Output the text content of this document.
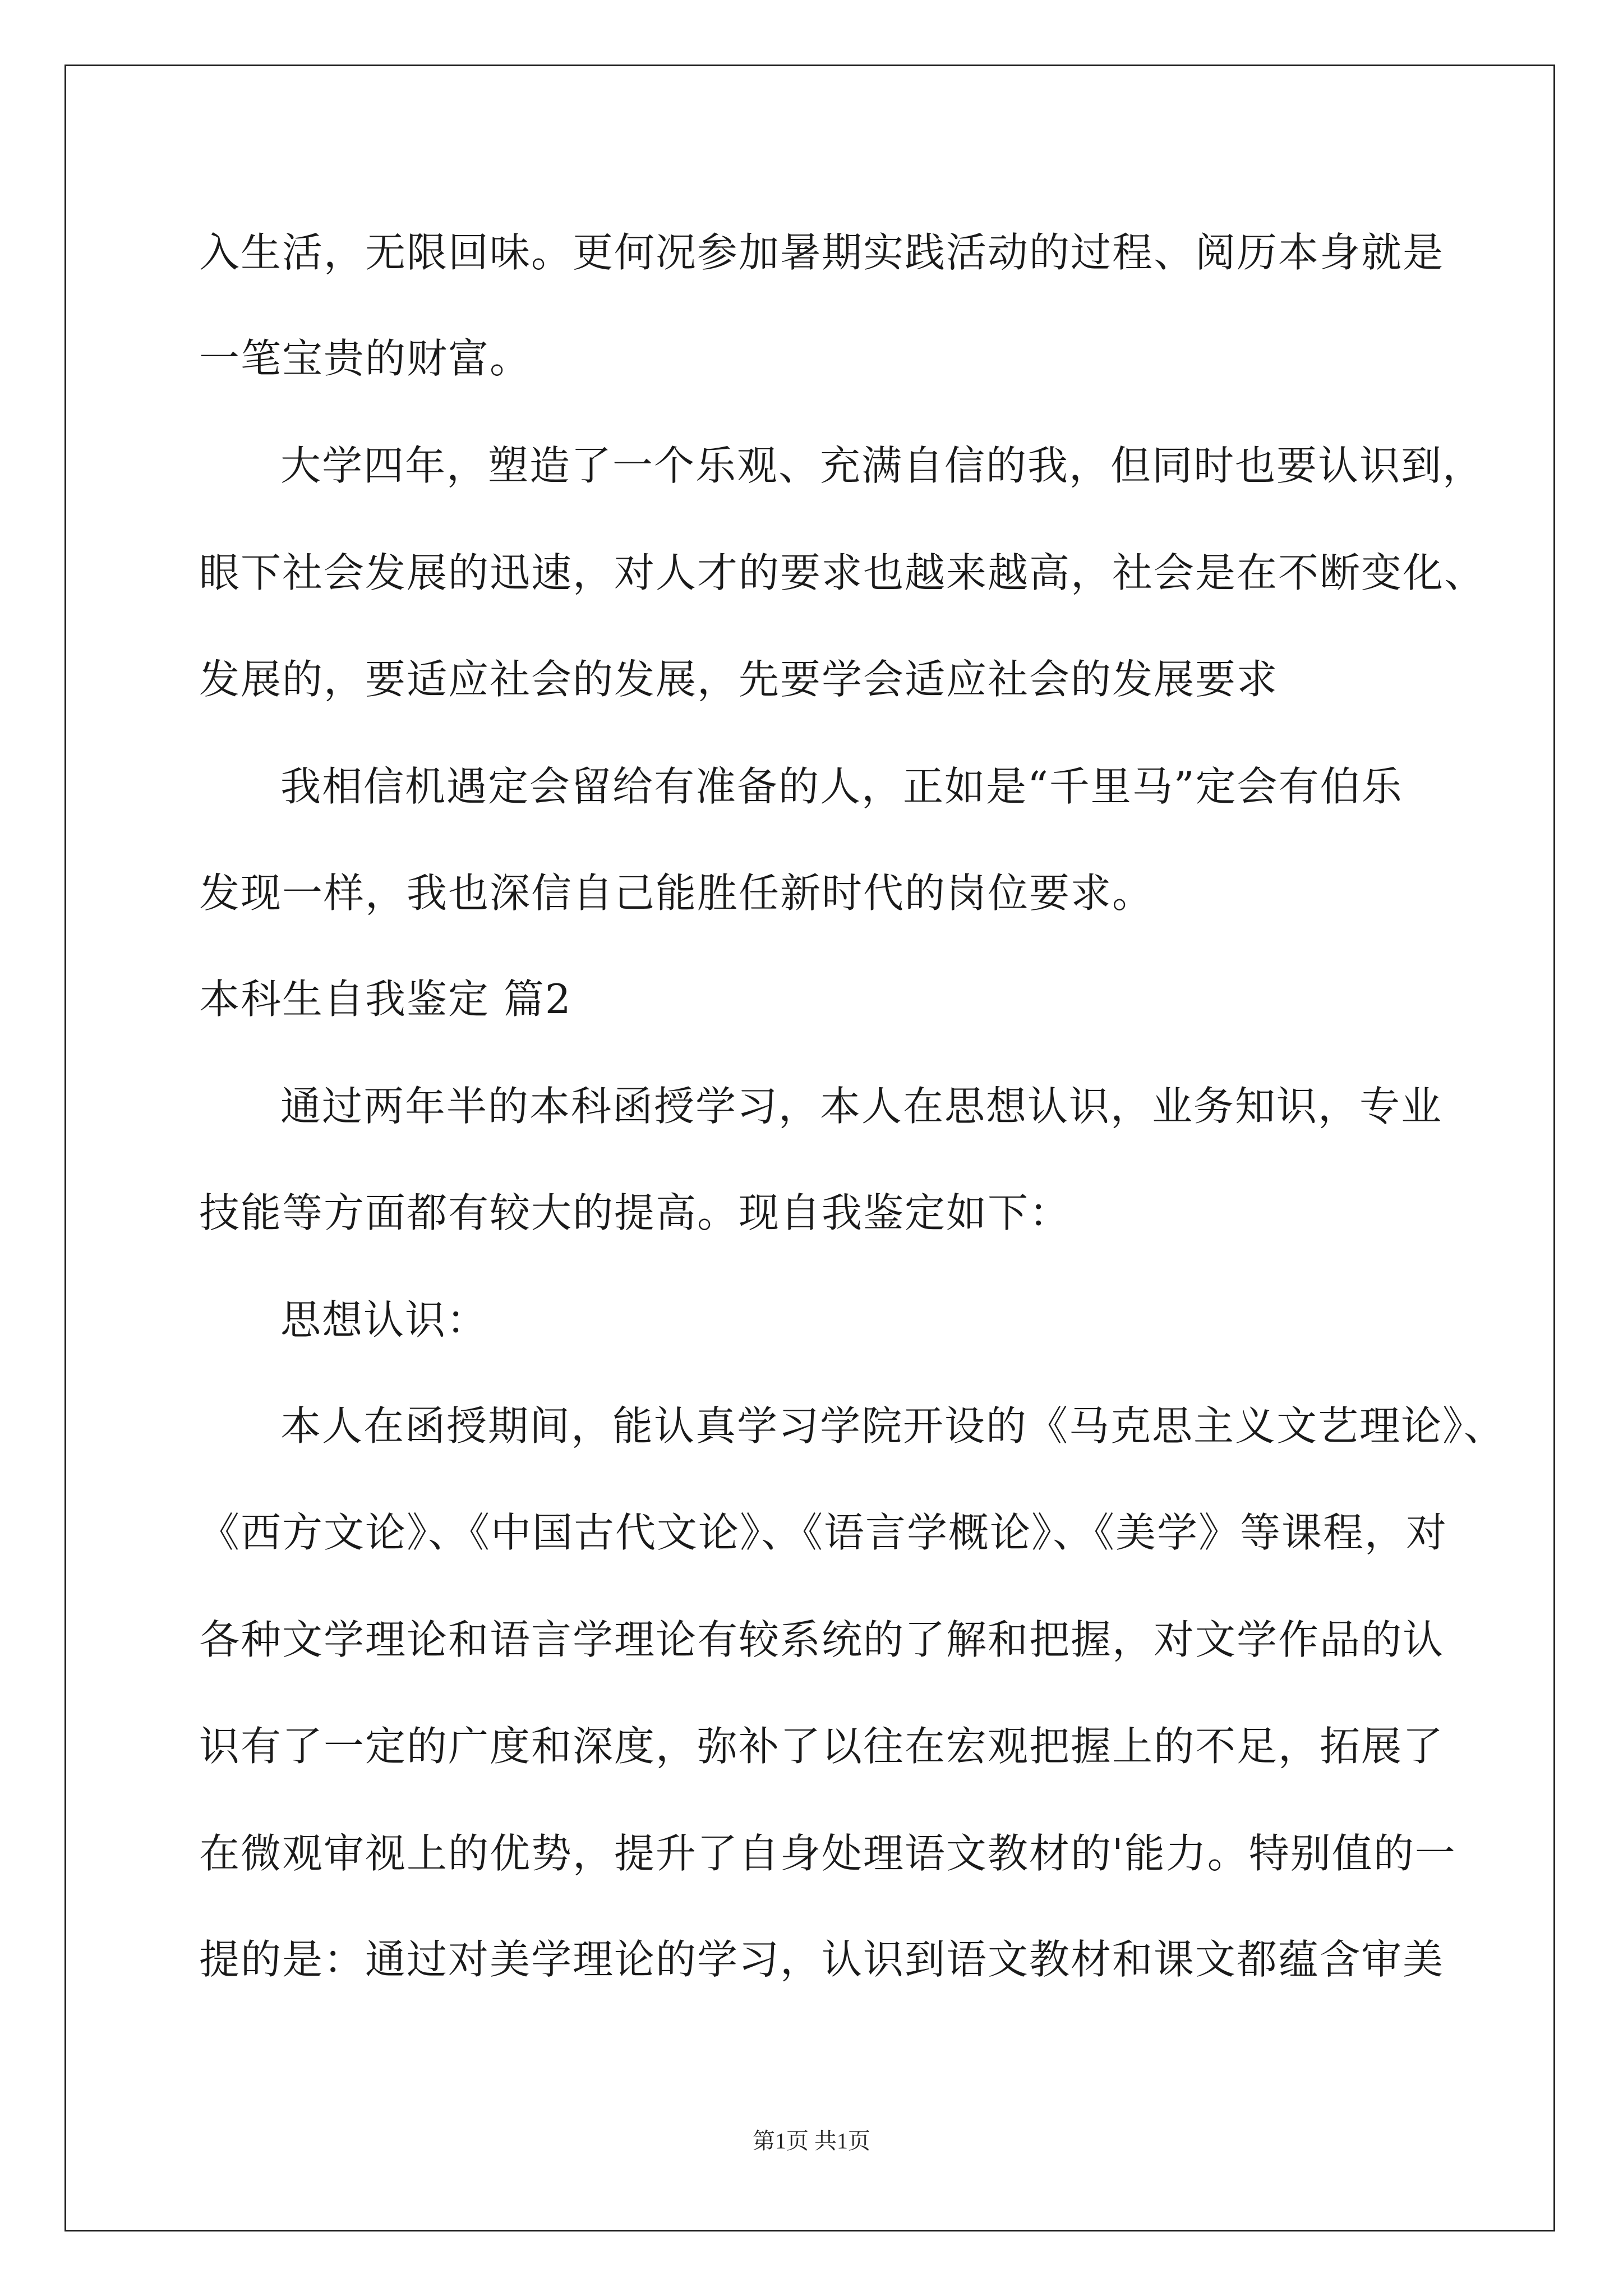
入生活，无限回味。更何况参加暑期实践活动的过程、阅历本身就是
一笔宝贵的财富。
大学四年，塑造了一个乐观、充满自信的我，但同时也要认识到，
眼下社会发展的迅速，对人才的要求也越来越高，社会是在不断变化、
发展的，要适应社会的发展，先要学会适应社会的发展要求
我相信机遇定会留给有准备的人，正如是“千里马”定会有伯乐
发现一样，我也深信自己能胜任新时代的岗位要求。
本科生自我鉴定 篇2
通过两年半的本科函授学习，本人在思想认识，业务知识，专业
技能等方面都有较大的提高。现自我鉴定如下：
思想认识：
本人在函授期间，能认真学习学院开设的《马克思主义文艺理论》、
《西方文论》、《中国古代文论》、《语言学概论》、《美学》等课程，对
各种文学理论和语言学理论有较系统的了解和把握，对文学作品的认
识有了一定的广度和深度，弥补了以往在宏观把握上的不足，拓展了
在微观审视上的优势，提升了自身处理语文教材的'能力。特别值的一
提的是：通过对美学理论的学习，认识到语文教材和课文都蕴含审美
第1页 共1页
